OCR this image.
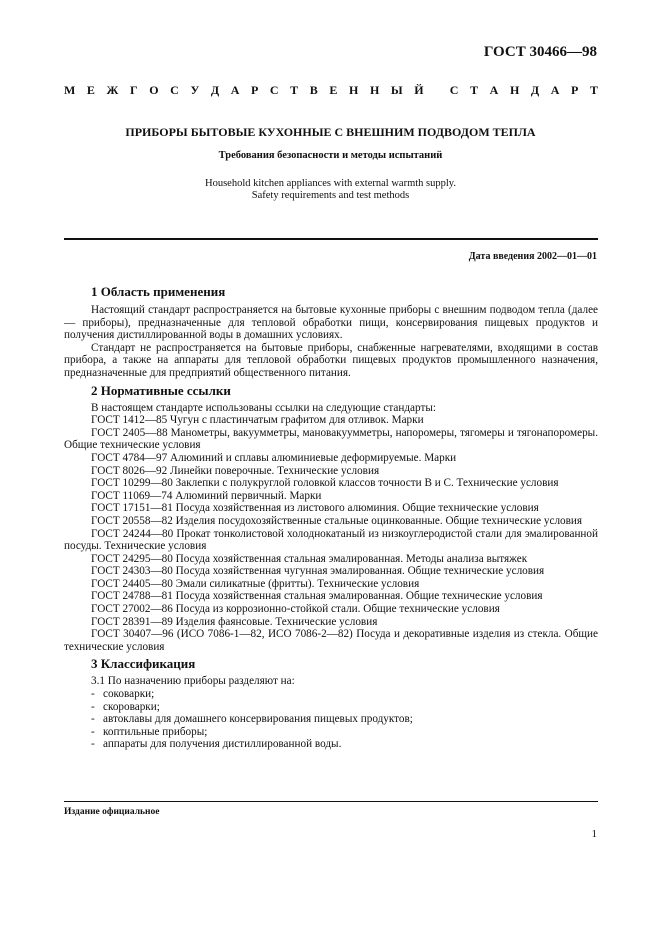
ГОСТ 30466—98
М Е Ж Г О С У Д А Р С Т В Е Н Н Ы Й
С Т А Н Д А Р Т
ПРИБОРЫ БЫТОВЫЕ КУХОННЫЕ С ВНЕШНИМ ПОДВОДОМ ТЕПЛА
Требования безопасности и методы испытаний
Household kitchen appliances with external warmth supply.
Safety requirements and test methods
Дата введения 2002—01—01
1 Область применения

Настоящий стандарт распространяется на бытовые кухонные приборы с внешним подводом тепла (далее — приборы), предназначенные для тепловой обработки пищи, консервирования пищевых продуктов и получения дистиллированной воды в домашних условиях.

Стандарт не распространяется на бытовые приборы, снабженные нагревателями, входящими в состав прибора, а также на аппараты для тепловой обработки пищевых продуктов промышленного назначения, предназначенные для предприятий общественного питания.

2 Нормативные ссылки

В настоящем стандарте использованы ссылки на следующие стандарты:

ГОСТ 1412—85 Чугун с пластинчатым графитом для отливок. Марки

ГОСТ 2405—88 Манометры, вакуумметры, мановакуумметры, напоромеры, тягомеры и тягонапоромеры. Общие технические условия

ГОСТ 4784—97 Алюминий и сплавы алюминиевые деформируемые. Марки

ГОСТ 8026—92 Линейки поверочные. Технические условия

ГОСТ 10299—80 Заклепки с полукруглой головкой классов точности В и С. Технические условия

ГОСТ 11069—74 Алюминий первичный. Марки

ГОСТ 17151—81 Посуда хозяйственная из листового алюминия. Общие технические условия

ГОСТ 20558—82 Изделия посудохозяйственные стальные оцинкованные. Общие технические условия

ГОСТ 24244—80 Прокат тонколистовой холоднокатаный из низкоуглеродистой стали для эмалированной посуды. Технические условия

ГОСТ 24295—80 Посуда хозяйственная стальная эмалированная. Методы анализа вытяжек

ГОСТ 24303—80 Посуда хозяйственная чугунная эмалированная. Общие технические условия

ГОСТ 24405—80 Эмали силикатные (фритты). Технические условия

ГОСТ 24788—81 Посуда хозяйственная стальная эмалированная. Общие технические условия

ГОСТ 27002—86 Посуда из коррозионно-стойкой стали. Общие технические условия

ГОСТ 28391—89 Изделия фаянсовые. Технические условия

ГОСТ 30407—96 (ИСО 7086-1—82, ИСО 7086-2—82) Посуда и декоративные изделия из стекла. Общие технические условия

3 Классификация

3.1 По назначению приборы разделяют на:

- соковарки;

- скороварки;

- автоклавы для домашнего консервирования пищевых продуктов;

- коптильные приборы;

- аппараты для получения дистиллированной воды.

Издание официальное
1
